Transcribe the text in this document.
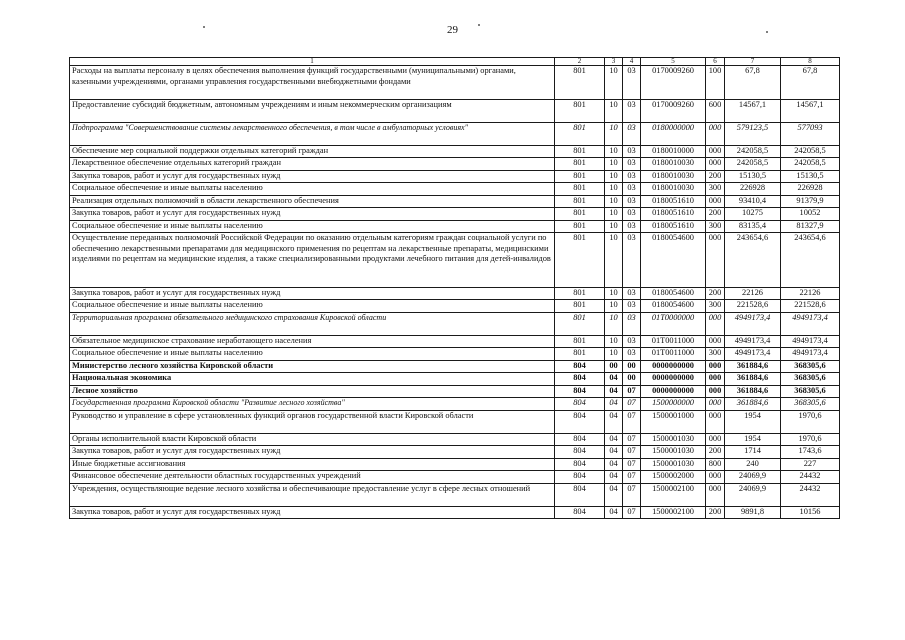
29
1	2	3	4	5	6	7	8
Расходы на выплаты персоналу в целях обеспечения выполнения функций государственными (муниципальными) органами, казенными учреждениями, органами управления государственными внебюджетными фондами	801	10	03	0170009260	100	67,8	67,8
Предоставление субсидий бюджетным, автономным учреждениям и иным некоммерческим организациям	801	10	03	0170009260	600	14567,1	14567,1
Подпрограмма "Совершенствование системы лекарственного обеспечения, в том числе в амбулаторных условиях"	801	10	03	0180000000	000	579123,5	577093
Обеспечение мер социальной поддержки отдельных категорий граждан	801	10	03	0180010000	000	242058,5	242058,5
Лекарственное обеспечение отдельных категорий граждан	801	10	03	0180010030	000	242058,5	242058,5
Закупка товаров, работ и услуг для государственных нужд	801	10	03	0180010030	200	15130,5	15130,5
Социальное обеспечение и иные выплаты населению	801	10	03	0180010030	300	226928	226928
Реализация отдельных полномочий в области лекарственного обеспечения	801	10	03	0180051610	000	93410,4	91379,9
Закупка товаров, работ и услуг для государственных нужд	801	10	03	0180051610	200	10275	10052
Социальное обеспечение и иные выплаты населению	801	10	03	0180051610	300	83135,4	81327,9
Осуществление переданных полномочий Российской Федерации по оказанию отдельным категориям граждан социальной услуги по обеспечению лекарственными препаратами для медицинского применения по рецептам на лекарственные препараты, медицинскими изделиями по рецептам на медицинские изделия, а также специализированными продуктами лечебного питания для детей-инвалидов	801	10	03	0180054600	000	243654,6	243654,6
Закупка товаров, работ и услуг для государственных нужд	801	10	03	0180054600	200	22126	22126
Социальное обеспечение и иные выплаты населению	801	10	03	0180054600	300	221528,6	221528,6
Территориальная программа обязательного медицинского страхования Кировской области	801	10	03	01T0000000	000	4949173,4	4949173,4
Обязательное медицинское страхование неработающего населения	801	10	03	01T0011000	000	4949173,4	4949173,4
Социальное обеспечение и иные выплаты населению	801	10	03	01T0011000	300	4949173,4	4949173,4
Министерство лесного хозяйства Кировской области	804	00	00	0000000000	000	361884,6	368305,6
Национальная экономика	804	04	00	0000000000	000	361884,6	368305,6
Лесное хозяйство	804	04	07	0000000000	000	361884,6	368305,6
Государственная программа Кировской области "Развитие лесного хозяйства"	804	04	07	1500000000	000	361884,6	368305,6
Руководство и управление в сфере установленных функций органов государственной власти Кировской области	804	04	07	1500001000	000	1954	1970,6
Органы исполнительной власти Кировской области	804	04	07	1500001030	000	1954	1970,6
Закупка товаров, работ и услуг для государственных нужд	804	04	07	1500001030	200	1714	1743,6
Иные бюджетные ассигнования	804	04	07	1500001030	800	240	227
Финансовое обеспечение деятельности областных государственных учреждений	804	04	07	1500002000	000	24069,9	24432
Учреждения, осуществляющие ведение лесного хозяйства и обеспечивающие предоставление услуг в сфере лесных отношений	804	04	07	1500002100	000	24069,9	24432
Закупка товаров, работ и услуг для государственных нужд	804	04	07	1500002100	200	9891,8	10156
